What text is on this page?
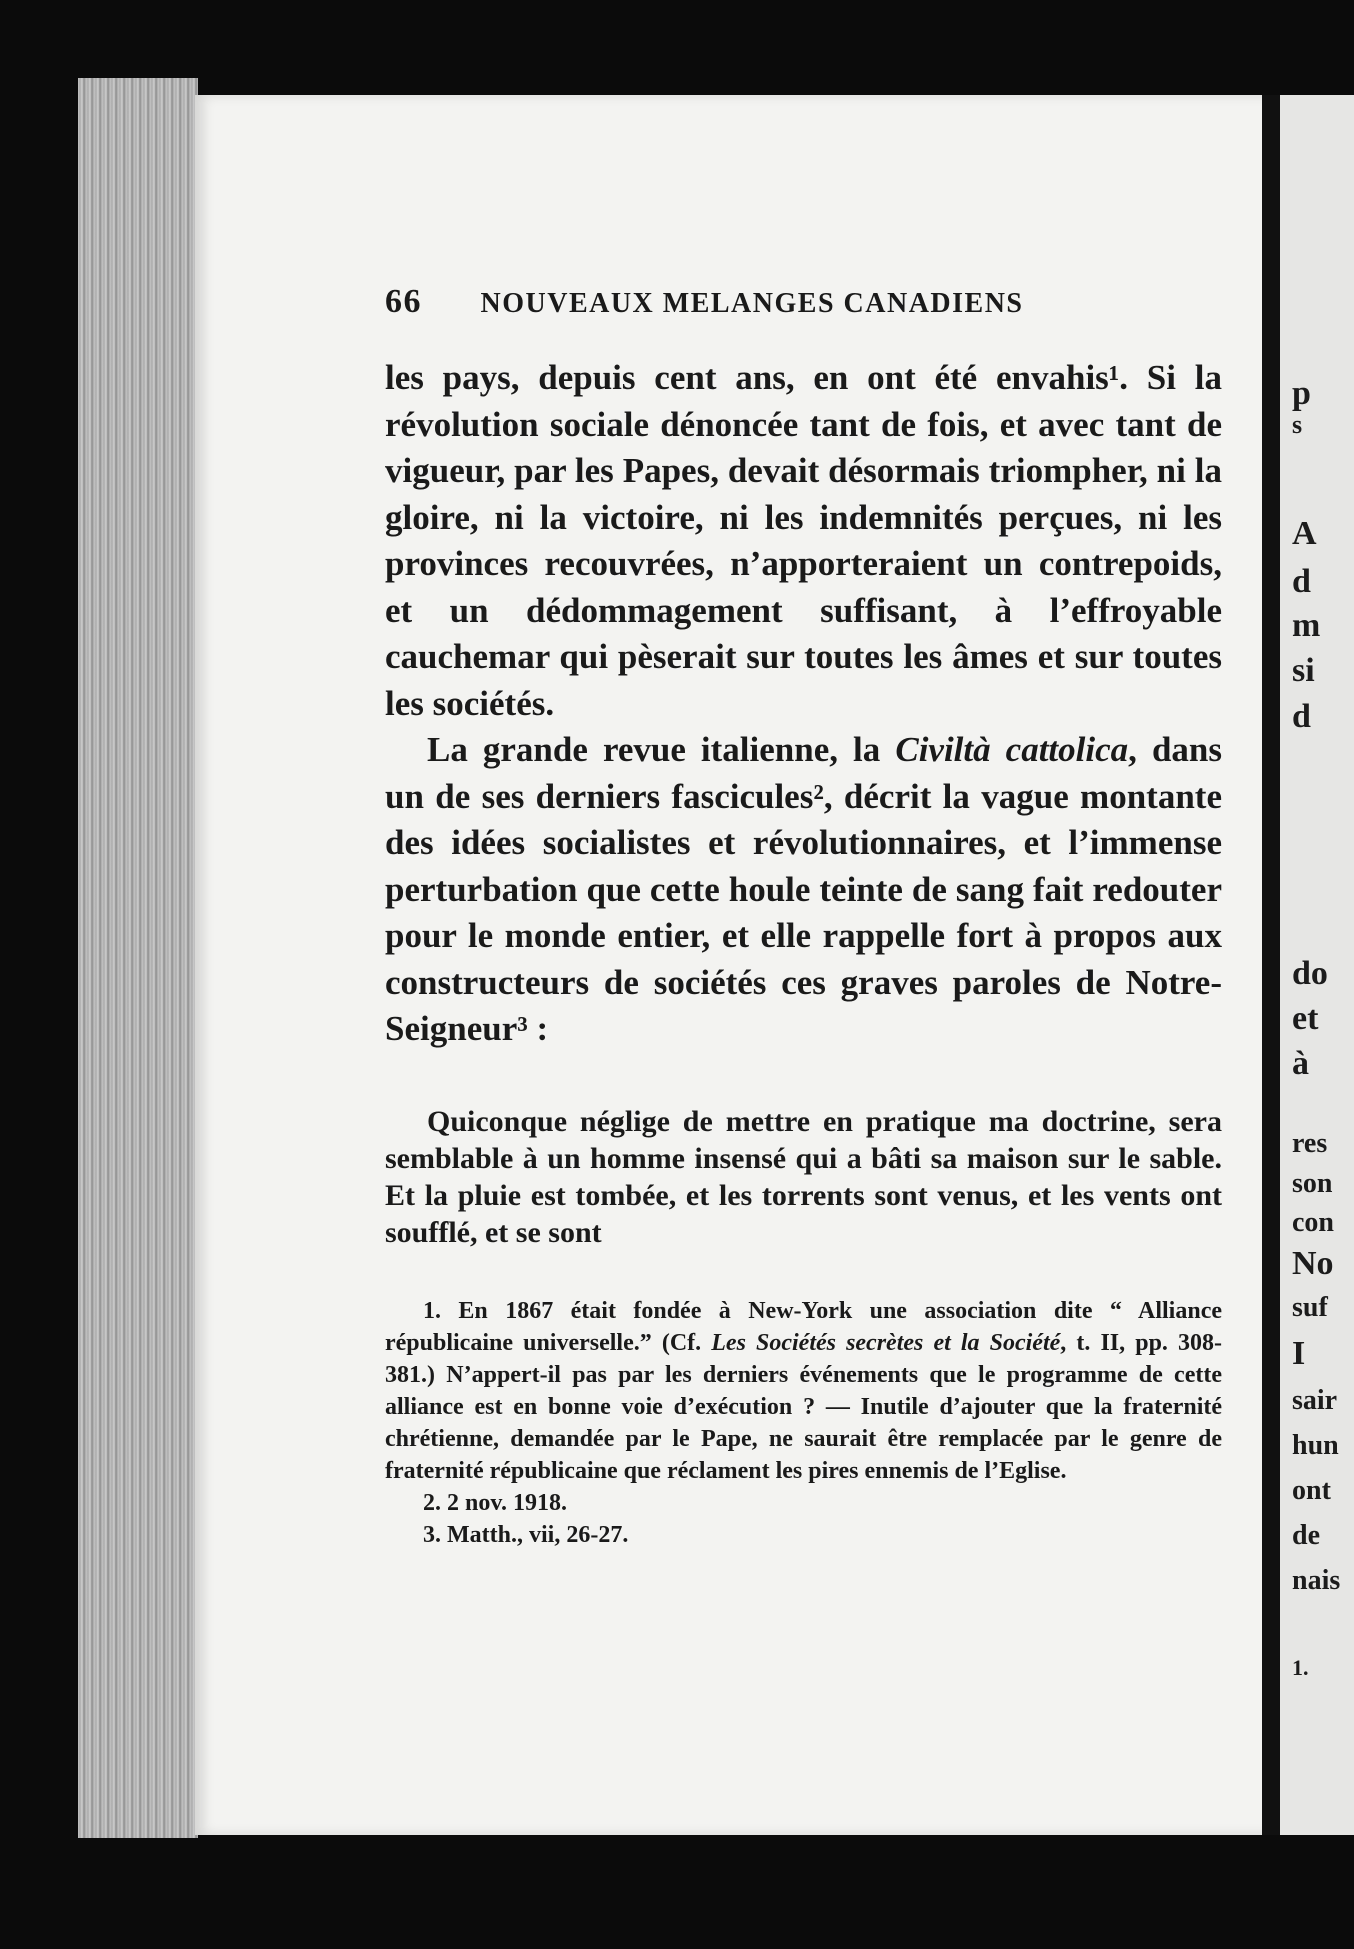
66 NOUVEAUX MELANGES CANADIENS

les pays, depuis cent ans, en ont été envahis¹. Si la révolution sociale dénoncée tant de fois, et avec tant de vigueur, par les Papes, devait désormais triompher, ni la gloire, ni la victoire, ni les indemnités perçues, ni les provinces recouvrées, n’apporteraient un contrepoids, et un dédommagement suffisant, à l’effroyable cauchemar qui pèserait sur toutes les âmes et sur toutes les sociétés.

La grande revue italienne, la Civiltà cattolica, dans un de ses derniers fascicules², décrit la vague montante des idées socialistes et révolutionnaires, et l’immense perturbation que cette houle teinte de sang fait redouter pour le monde entier, et elle rappelle fort à propos aux constructeurs de sociétés ces graves paroles de Notre-Seigneur³ :

Quiconque néglige de mettre en pratique ma doctrine, sera semblable à un homme insensé qui a bâti sa maison sur le sable. Et la pluie est tombée, et les torrents sont venus, et les vents ont soufflé, et se sont

1. En 1867 était fondée à New-York une association dite “ Alliance républicaine universelle.” (Cf. Les Sociétés secrètes et la Société, t. II, pp. 308-381.) N’appert-il pas par les derniers événements que le programme de cette alliance est en bonne voie d’exécution ? — Inutile d’ajouter que la fraternité chrétienne, demandée par le Pape, ne saurait être remplacée par le genre de fraternité républicaine que réclament les pires ennemis de l’Eglise.

2. 2 nov. 1918.

3. Matth., vii, 26-27.

p
s
A
d
m
si
d
do
et
à
res
son
con
No
suf
I
sair
hun
ont
de
nais
1.
